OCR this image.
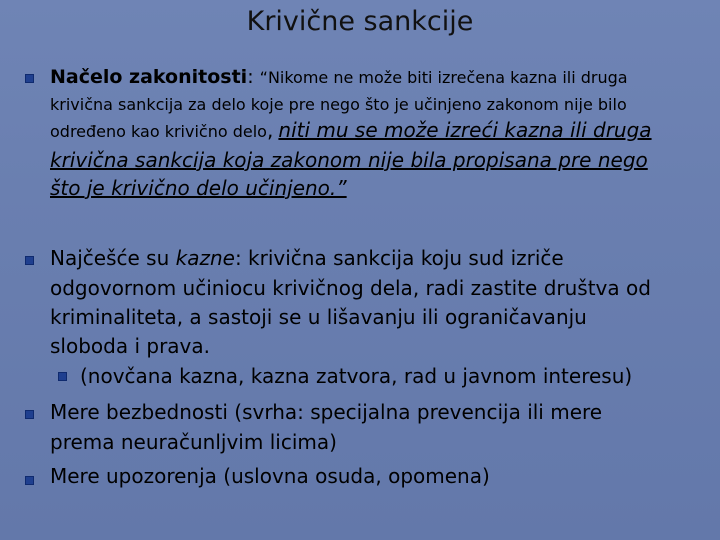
Krivične sankcije
Načelo zakonitosti: “Nikome ne može biti izrečena kazna ili druga
krivična sankcija za delo koje pre nego što je učinjeno zakonom nije bilo
određeno kao krivično delo, niti mu se može izreći kazna ili druga
krivična sankcija koja zakonom nije bila propisana pre nego
što je krivično delo učinjeno.”
Najčešće su kazne: krivična sankcija koju sud izriče
odgovornom učiniocu krivičnog dela, radi zastite društva od
kriminaliteta, a sastoji se u lišavanju ili ograničavanju
sloboda i prava.
(novčana kazna, kazna zatvora, rad u javnom interesu)
Mere bezbednosti (svrha: specijalna prevencija ili mere
prema neuračunljvim licima)
Mere upozorenja (uslovna osuda, opomena)
